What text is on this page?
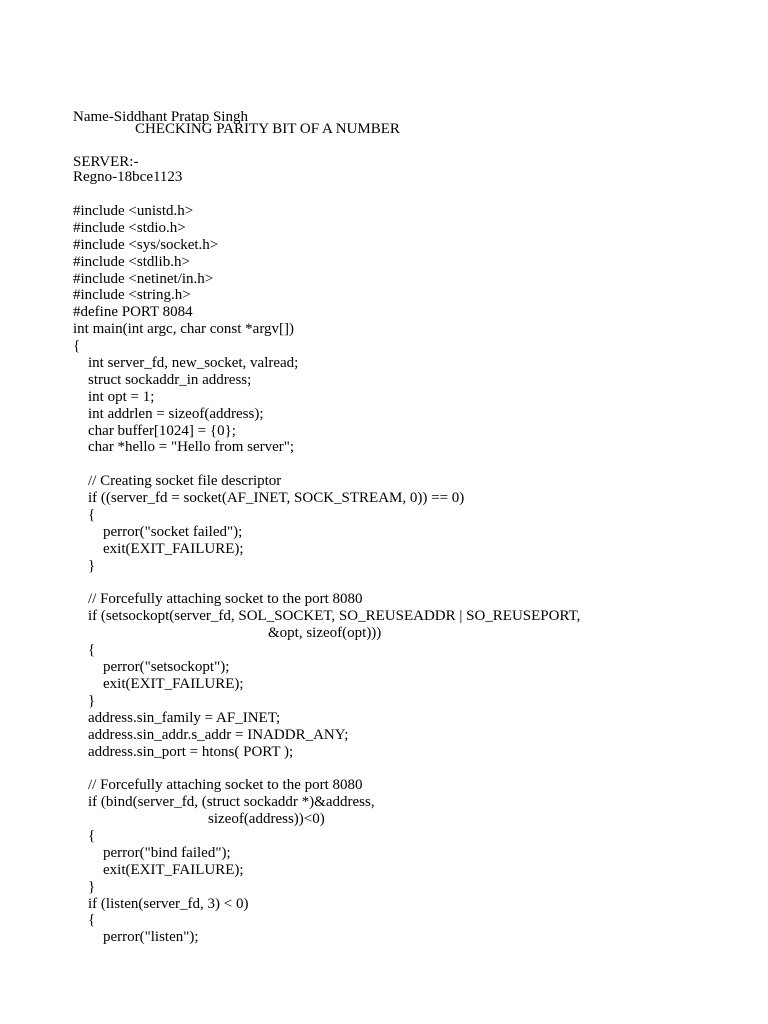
Name-Siddhant Pratap Singh

Regno-18bce1123

CHECKING PARITY BIT OF A NUMBER
SERVER:-
#include <unistd.h>
#include <stdio.h>
#include <sys/socket.h>
#include <stdlib.h>
#include <netinet/in.h>
#include <string.h>
#define PORT 8084
int main(int argc, char const *argv[])
{
int server_fd, new_socket, valread;
struct sockaddr_in address;
int opt = 1;
int addrlen = sizeof(address);
char buffer[1024] = {0};
char *hello = "Hello from server";
// Creating socket file descriptor
if ((server_fd = socket(AF_INET, SOCK_STREAM, 0)) == 0)
{
perror("socket failed");
exit(EXIT_FAILURE);
}
// Forcefully attaching socket to the port 8080
if (setsockopt(server_fd, SOL_SOCKET, SO_REUSEADDR | SO_REUSEPORT,
&opt, sizeof(opt)))
{
perror("setsockopt");
exit(EXIT_FAILURE);
}
address.sin_family = AF_INET;
address.sin_addr.s_addr = INADDR_ANY;
address.sin_port = htons( PORT );
// Forcefully attaching socket to the port 8080
if (bind(server_fd, (struct sockaddr *)&address,
sizeof(address))<0)
{
perror("bind failed");
exit(EXIT_FAILURE);
}
if (listen(server_fd, 3) < 0)
{
perror("listen");
